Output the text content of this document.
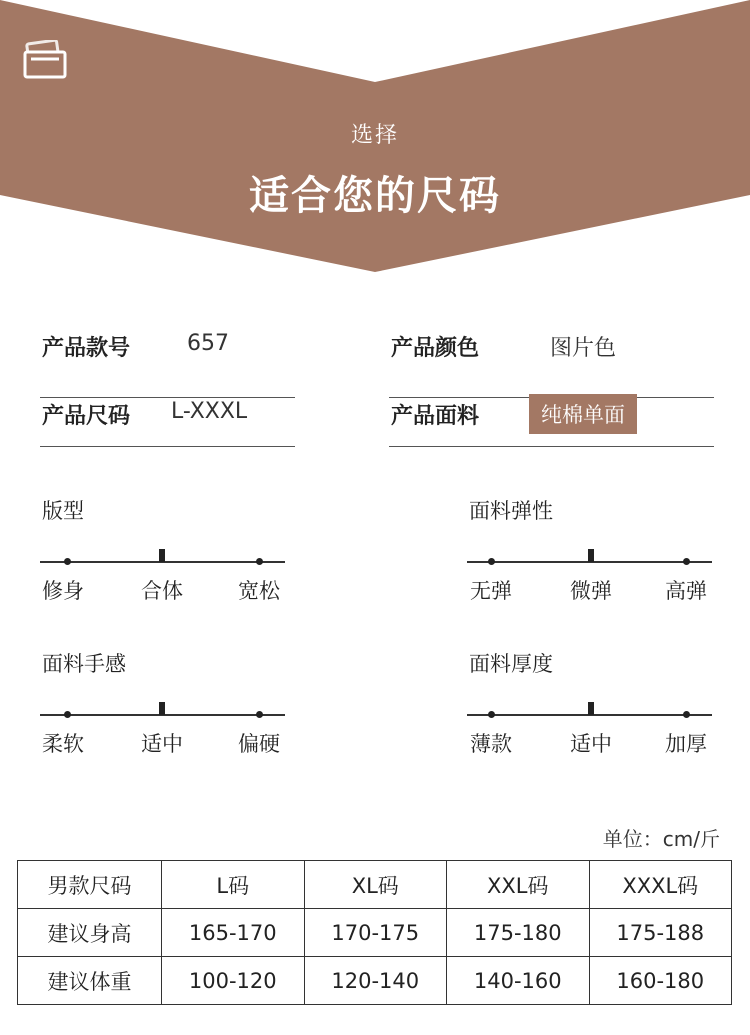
选择
适合您的尺码
产品款号	657	产品颜色	图片色
产品尺码 L-XXXL	产品面料	纯棉单面
版型
修身	合体	宽松
面料弹性
无弹	微弹	高弹
面料手感
柔软	适中	偏硬
面料厚度
薄款	适中	加厚
单位：cm/斤
男款尺码	L码	XL码	XXL码	XXXL码
建议身高	165-170	170-175	175-180	175-188
建议体重	100-120	120-140	140-160	160-180
